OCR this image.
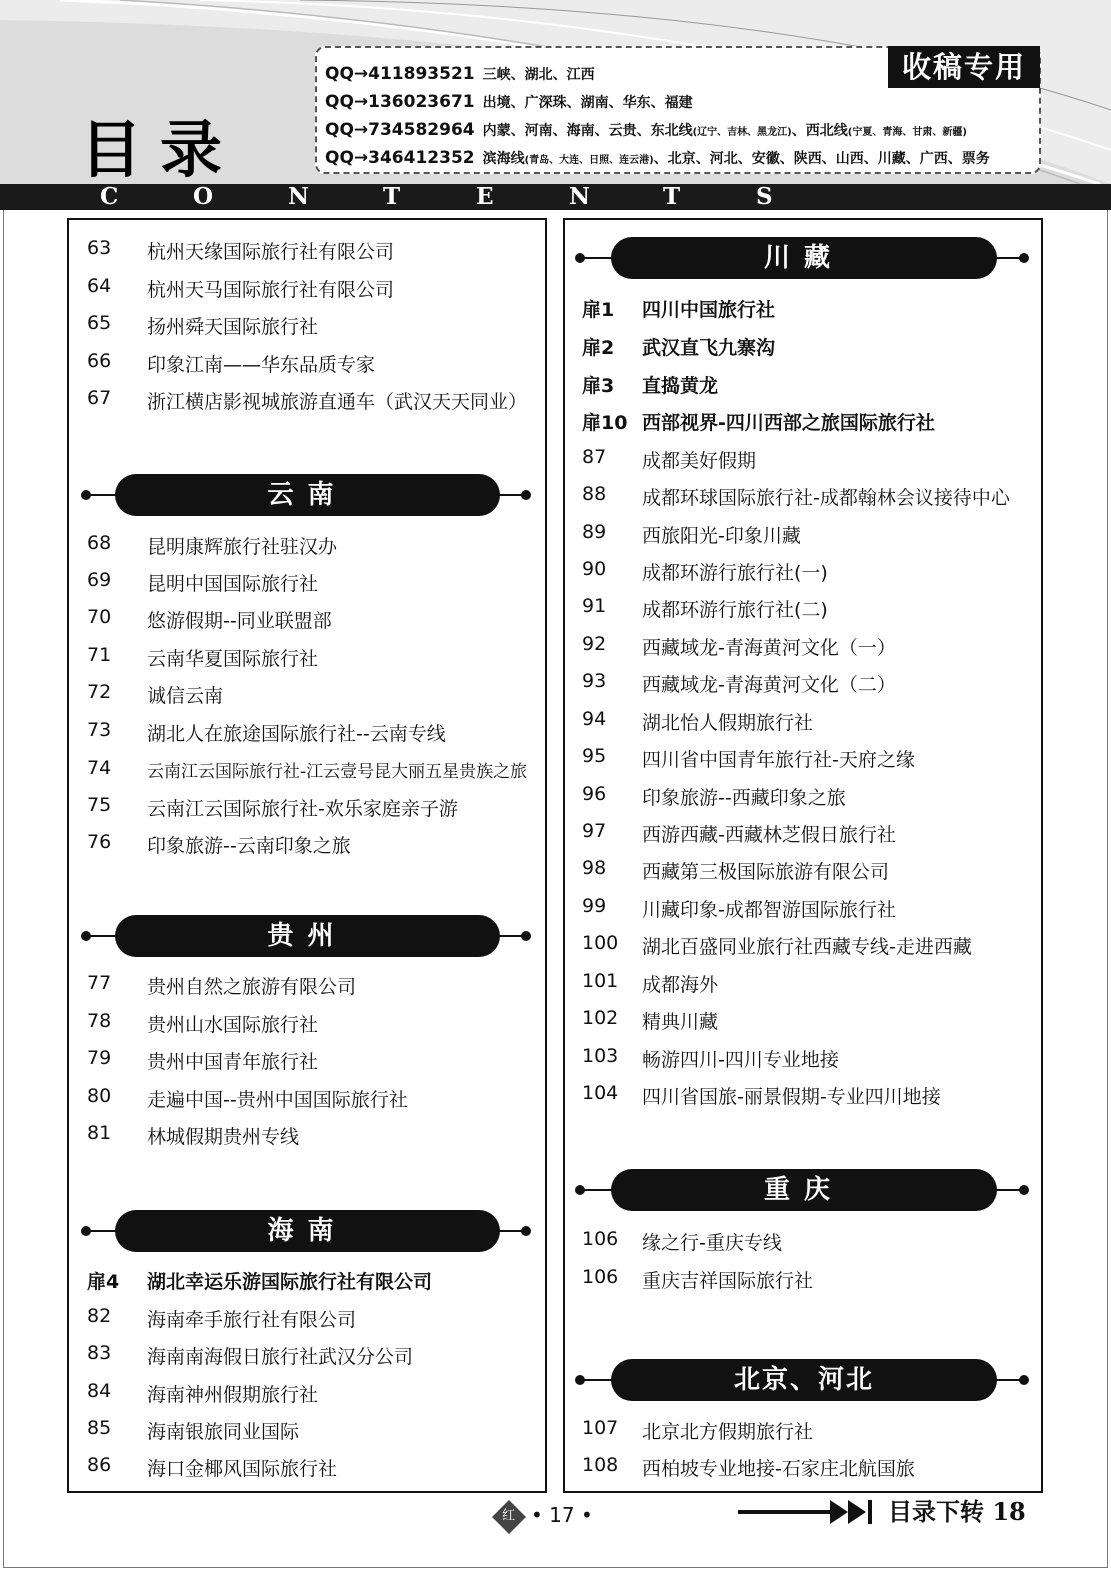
目录
QQ→411893521 三峡、湖北、江西
QQ→136023671 出境、广深珠、湖南、华东、福建
QQ→734582964 内蒙、河南、海南、云贵、东北线(辽宁、吉林、黑龙江)、西北线(宁夏、青海、甘肃、新疆)
QQ→346412352 滨海线(青岛、大连、日照、连云港)、北京、河北、安徽、陕西、山西、川藏、广西、票务
收稿专用
C	O	N	T	E	N	T	S
63	杭州天缘国际旅行社有限公司
64	杭州天马国际旅行社有限公司
65	扬州舜天国际旅行社
66	印象江南——华东品质专家
67	浙江横店影视城旅游直通车（武汉天天同业）
云南
68	昆明康辉旅行社驻汉办
69	昆明中国国际旅行社
70	悠游假期--同业联盟部
71	云南华夏国际旅行社
72	诚信云南
73	湖北人在旅途国际旅行社--云南专线
74	云南江云国际旅行社-江云壹号昆大丽五星贵族之旅
75	云南江云国际旅行社-欢乐家庭亲子游
76	印象旅游--云南印象之旅
贵州
77	贵州自然之旅游有限公司
78	贵州山水国际旅行社
79	贵州中国青年旅行社
80	走遍中国--贵州中国国际旅行社
81	林城假期贵州专线
海南
扉4	湖北幸运乐游国际旅行社有限公司
82	海南牵手旅行社有限公司
83	海南南海假日旅行社武汉分公司
84	海南神州假期旅行社
85	海南银旅同业国际
86	海口金椰风国际旅行社
川藏
扉1	四川中国旅行社
扉2	武汉直飞九寨沟
扉3	直捣黄龙
扉10 西部视界-四川西部之旅国际旅行社
87	成都美好假期
88	成都环球国际旅行社-成都翰林会议接待中心
89	西旅阳光-印象川藏
90	成都环游行旅行社(一)
91	成都环游行旅行社(二)
92	西藏域龙-青海黄河文化（一）
93	西藏域龙-青海黄河文化（二）
94	湖北怡人假期旅行社
95	四川省中国青年旅行社-天府之缘
96	印象旅游--西藏印象之旅
97	西游西藏-西藏林芝假日旅行社
98	西藏第三极国际旅游有限公司
99	川藏印象-成都智游国际旅行社
100	湖北百盛同业旅行社西藏专线-走进西藏
101	成都海外
102	精典川藏
103	畅游四川-四川专业地接
104	四川省国旅-丽景假期-专业四川地接
重庆
106	缘之行-重庆专线
106	重庆吉祥国际旅行社
北京、河北
107	北京北方假期旅行社
108	西柏坡专业地接-石家庄北航国旅
红 • 17 •	目录下转 18
